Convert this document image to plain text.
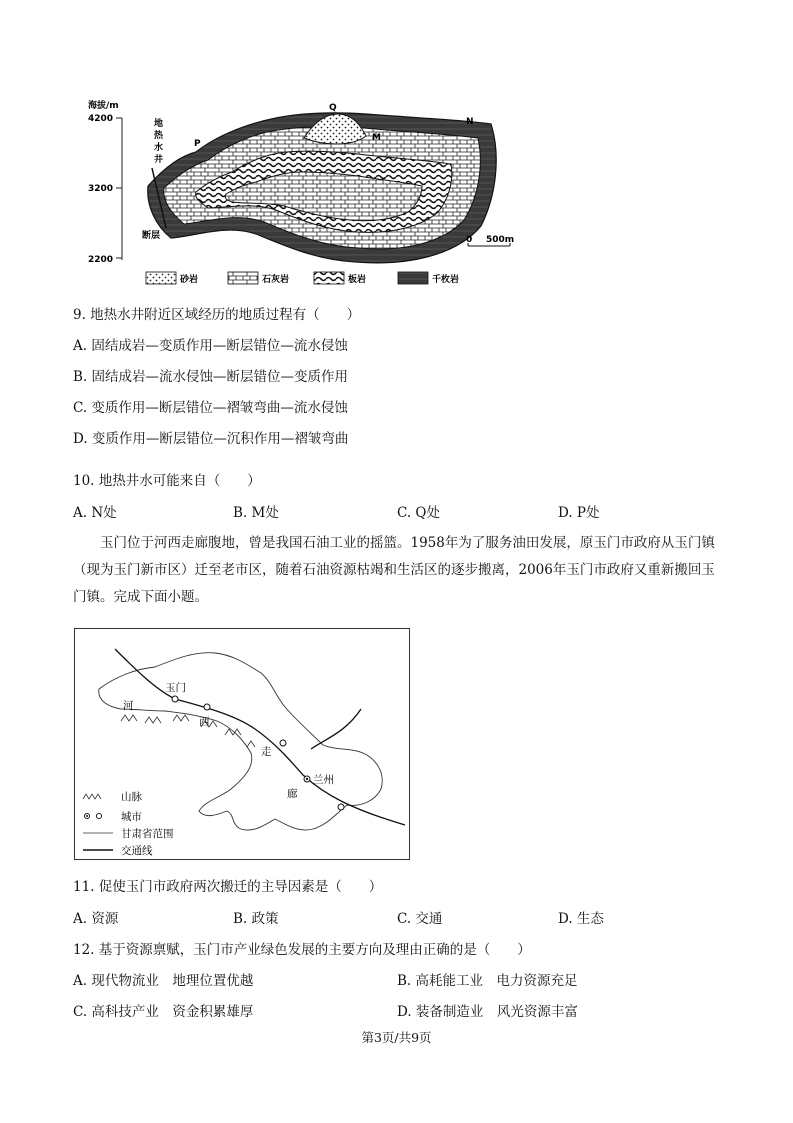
海拔/m
4200
3200
2200
地
热
水
井
断层
P
Q
M
N
0 500m
砂岩	石灰岩	板岩	千枚岩
9. 地热水井附近区域经历的地质过程有（　　）
A. 固结成岩—变质作用—断层错位—流水侵蚀
B. 固结成岩—流水侵蚀—断层错位—变质作用
C. 变质作用—断层错位—褶皱弯曲—流水侵蚀
D. 变质作用—断层错位—沉积作用—褶皱弯曲
10. 地热井水可能来自（　　）
A. N处	B. M处	C. Q处	D. P处
玉门位于河西走廊腹地，曾是我国石油工业的摇篮。1958年为了服务油田发展，原玉门市政府从玉门镇（现为玉门新市区）迁至老市区，随着石油资源枯竭和生活区的逐步搬离，2006年玉门市政府又重新搬回玉门镇。完成下面小题。
玉门
河
西
走
廊
兰州
山脉
城市
甘肃省范围
交通线
11. 促使玉门市政府两次搬迁的主导因素是（　　）
A. 资源	B. 政策	C. 交通	D. 生态
12. 基于资源禀赋，玉门市产业绿色发展的主要方向及理由正确的是（　　）
A. 现代物流业　地理位置优越	B. 高耗能工业　电力资源充足
C. 高科技产业　资金积累雄厚	D. 装备制造业　风光资源丰富
第3页/共9页
